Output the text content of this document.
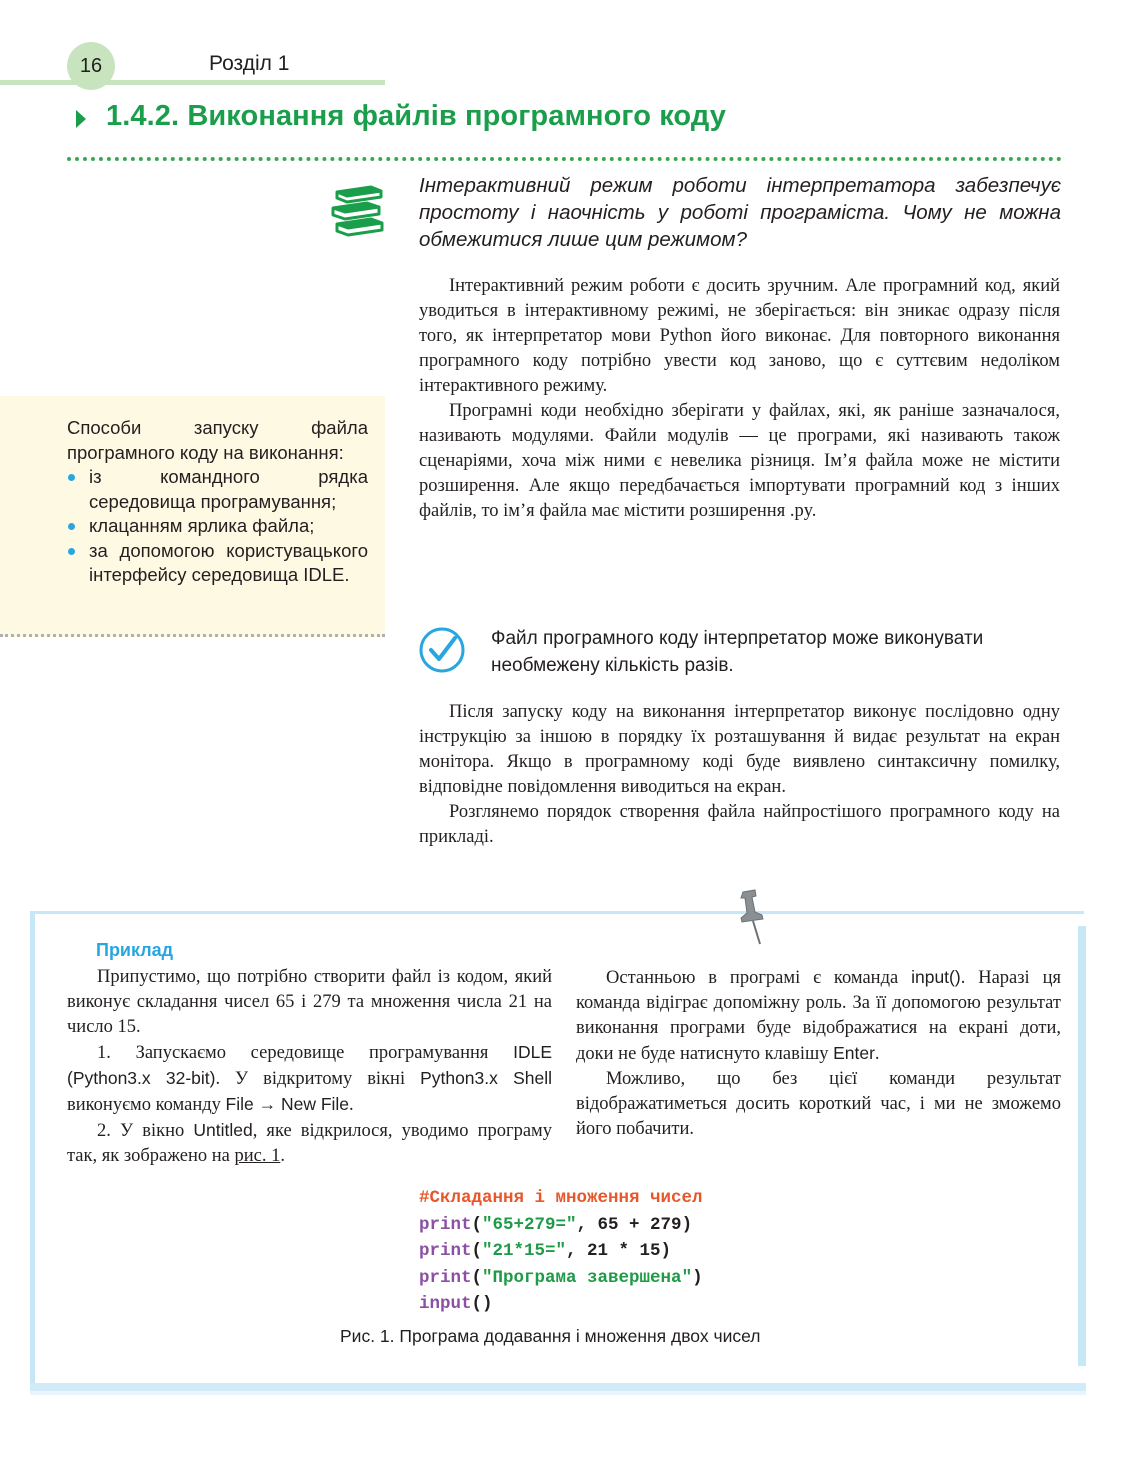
16	Розділ 1
1.4.2. Виконання файлів програмного коду
Інтерактивний режим роботи інтерпретатора забезпечує простоту і наочність у роботі програміста. Чому не можна обмежитися лише цим режимом?

Інтерактивний режим роботи є досить зручним. Але програмний код, який уводиться в інтерактивному режимі, не зберігається: він зникає одразу після того, як інтерпретатор мови Python його виконає. Для повторного виконання програмного коду потрібно увести код заново, що є суттєвим недоліком інтерактивного режиму.

Програмні коди необхідно зберігати у файлах, які, як раніше зазначалося, називають модулями. Файли модулів — це програми, які називають також сценаріями, хоча між ними є невелика різниця. Ім’я файла може не містити розширення. Але якщо передбачається імпортувати програмний код з інших файлів, то ім’я файла має містити розширення .py.

Способи запуску файла програмного коду на виконання:

із командного рядка середовища програмування;
клацанням ярлика файла;
за допомогою користувацького інтерфейсу середовища IDLE.
Файл програмного коду інтерпретатор може виконувати необмежену кількість разів.

Після запуску коду на виконання інтерпретатор виконує послідовно одну інструкцію за іншою в порядку їх розташування й видає результат на екран монітора. Якщо в програмному коді буде виявлено синтаксичну помилку, відповідне повідомлення виводиться на екран.

Розглянемо порядок створення файла найпростішого програмного коду на прикладі.

Приклад

Припустимо, що потрібно створити файл із кодом, який виконує складання чисел 65 і 279 та множення числа 21 на число 15.

1. Запускаємо середовище програмування IDLE (Python3.x 32-bit). У відкритому вікні Python3.x Shell виконуємо команду File → New File.

2. У вікно Untitled, яке відкрилося, уводимо програму так, як зображено на рис. 1.

Останньою в програмі є команда input(). Наразі ця команда відіграє допоміжну роль. За її допомогою результат виконання програми буде відображатися на екрані доти, доки не буде натиснуто клавішу Enter.

Можливо, що без цієї команди результат відображатиметься досить короткий час, і ми не зможемо його побачити.

#Складання і множення чисел
print("65+279=", 65 + 279)
print("21*15=", 21 * 15)
print("Програма завершена")
input()
Рис. 1. Програма додавання і множення двох чисел
